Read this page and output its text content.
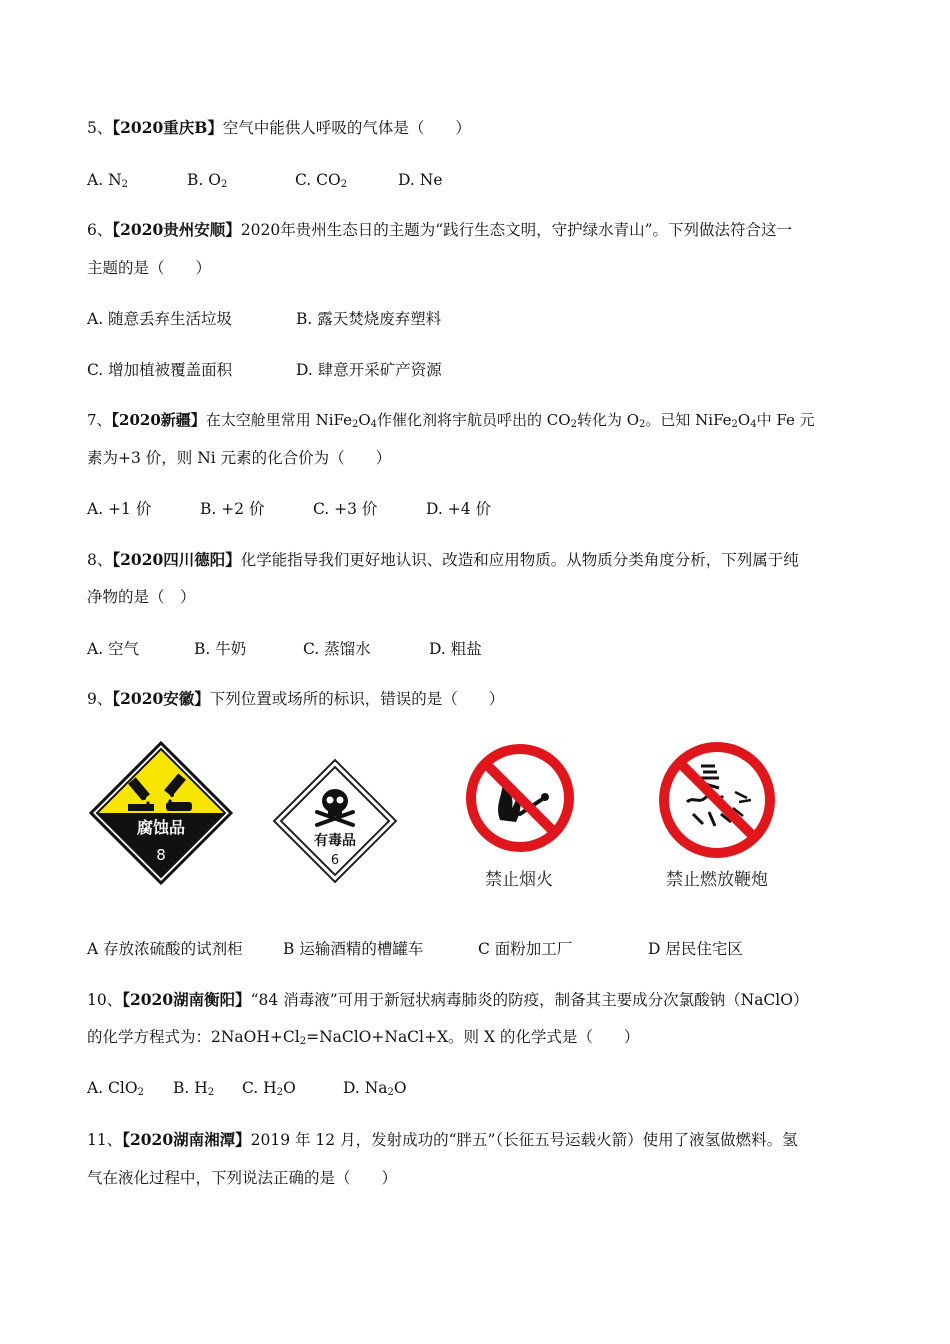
5、【2020重庆B】空气中能供人呼吸的气体是（　　）
A. $N_2$	B. $O_2$	C. $CO_2$	D. Ne
6、【2020贵州安顺】2020年贵州生态日的主题为“践行生态文明，守护绿水青山”。下列做法符合这一
主题的是（　　）
A. 随意丢弃生活垃圾	B. 露天焚烧废弃塑料
C. 增加植被覆盖面积	D. 肆意开采矿产资源
7、【2020新疆】在太空舱里常用 $NiFe_2O_4$作催化剂将宇航员呼出的 $CO_2$转化为 $O_2$。已知 $NiFe_2O_4$中 Fe 元
素为+3 价，则 Ni 元素的化合价为（　　）
A. +1 价	B. +2 价	C. +3 价	D. +4 价
8、【2020四川德阳】化学能指导我们更好地认识、改造和应用物质。从物质分类角度分析，下列属于纯
净物的是（　）
A. 空气	B. 牛奶	C. 蒸馏水	D. 粗盐
9、【2020安徽】下列位置或场所的标识，错误的是（　　）
腐蚀品
8
有毒品
6
禁止烟火	禁止燃放鞭炮
A 存放浓硫酸的试剂柜	B 运输酒精的槽罐车	C 面粉加工厂	D 居民住宅区
10、【2020湖南衡阳】“84 消毒液”可用于新冠状病毒肺炎的防疫，制备其主要成分次氯酸钠（NaClO）
的化学方程式为：$2NaOH+Cl_2=NaClO+NaCl+X$。则 X 的化学式是（　　）
A. ClO$_2$ B. $H_2$ C. $H_2O$	D. $Na_2O$
11、【2020湖南湘潭】2019 年 12 月，发射成功的“胖五”（长征五号运载火箭）使用了液氢做燃料。氢
气在液化过程中，下列说法正确的是（　　）
